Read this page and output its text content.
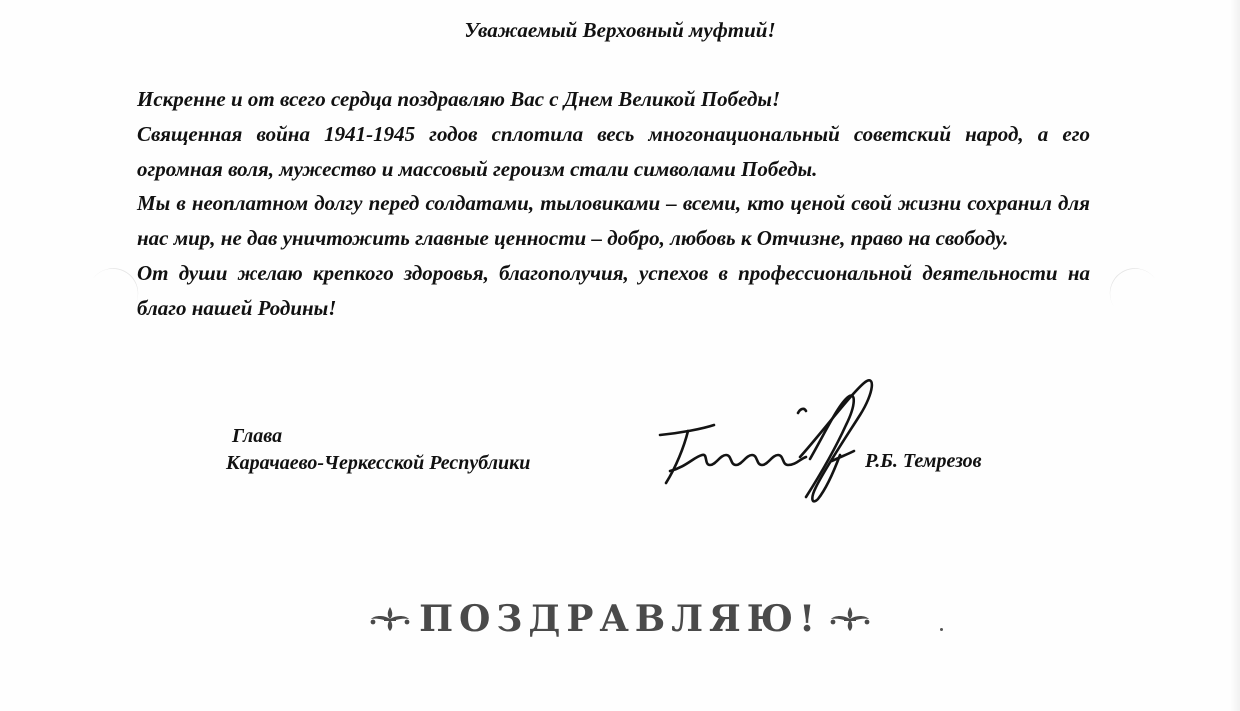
Уважаемый Верховный муфтий!

Искренне и от всего сердца поздравляю Вас с Днем Великой Победы!

Священная война 1941-1945 годов сплотила весь многонациональный советский народ, а его огромная воля, мужество и массовый героизм стали символами Победы.

Мы в неоплатном долгу перед солдатами, тыловиками – всеми, кто ценой свой жизни сохранил для нас мир, не дав уничтожить главные ценности – добро, любовь к Отчизне, право на свободу.

От души желаю крепкого здоровья, благополучия, успехов в профессиональной деятельности на благо нашей Родины!

Глава
Карачаево-Черкесской Республики	Р.Б. Темрезов
ПОЗДРАВЛЯЮ!
